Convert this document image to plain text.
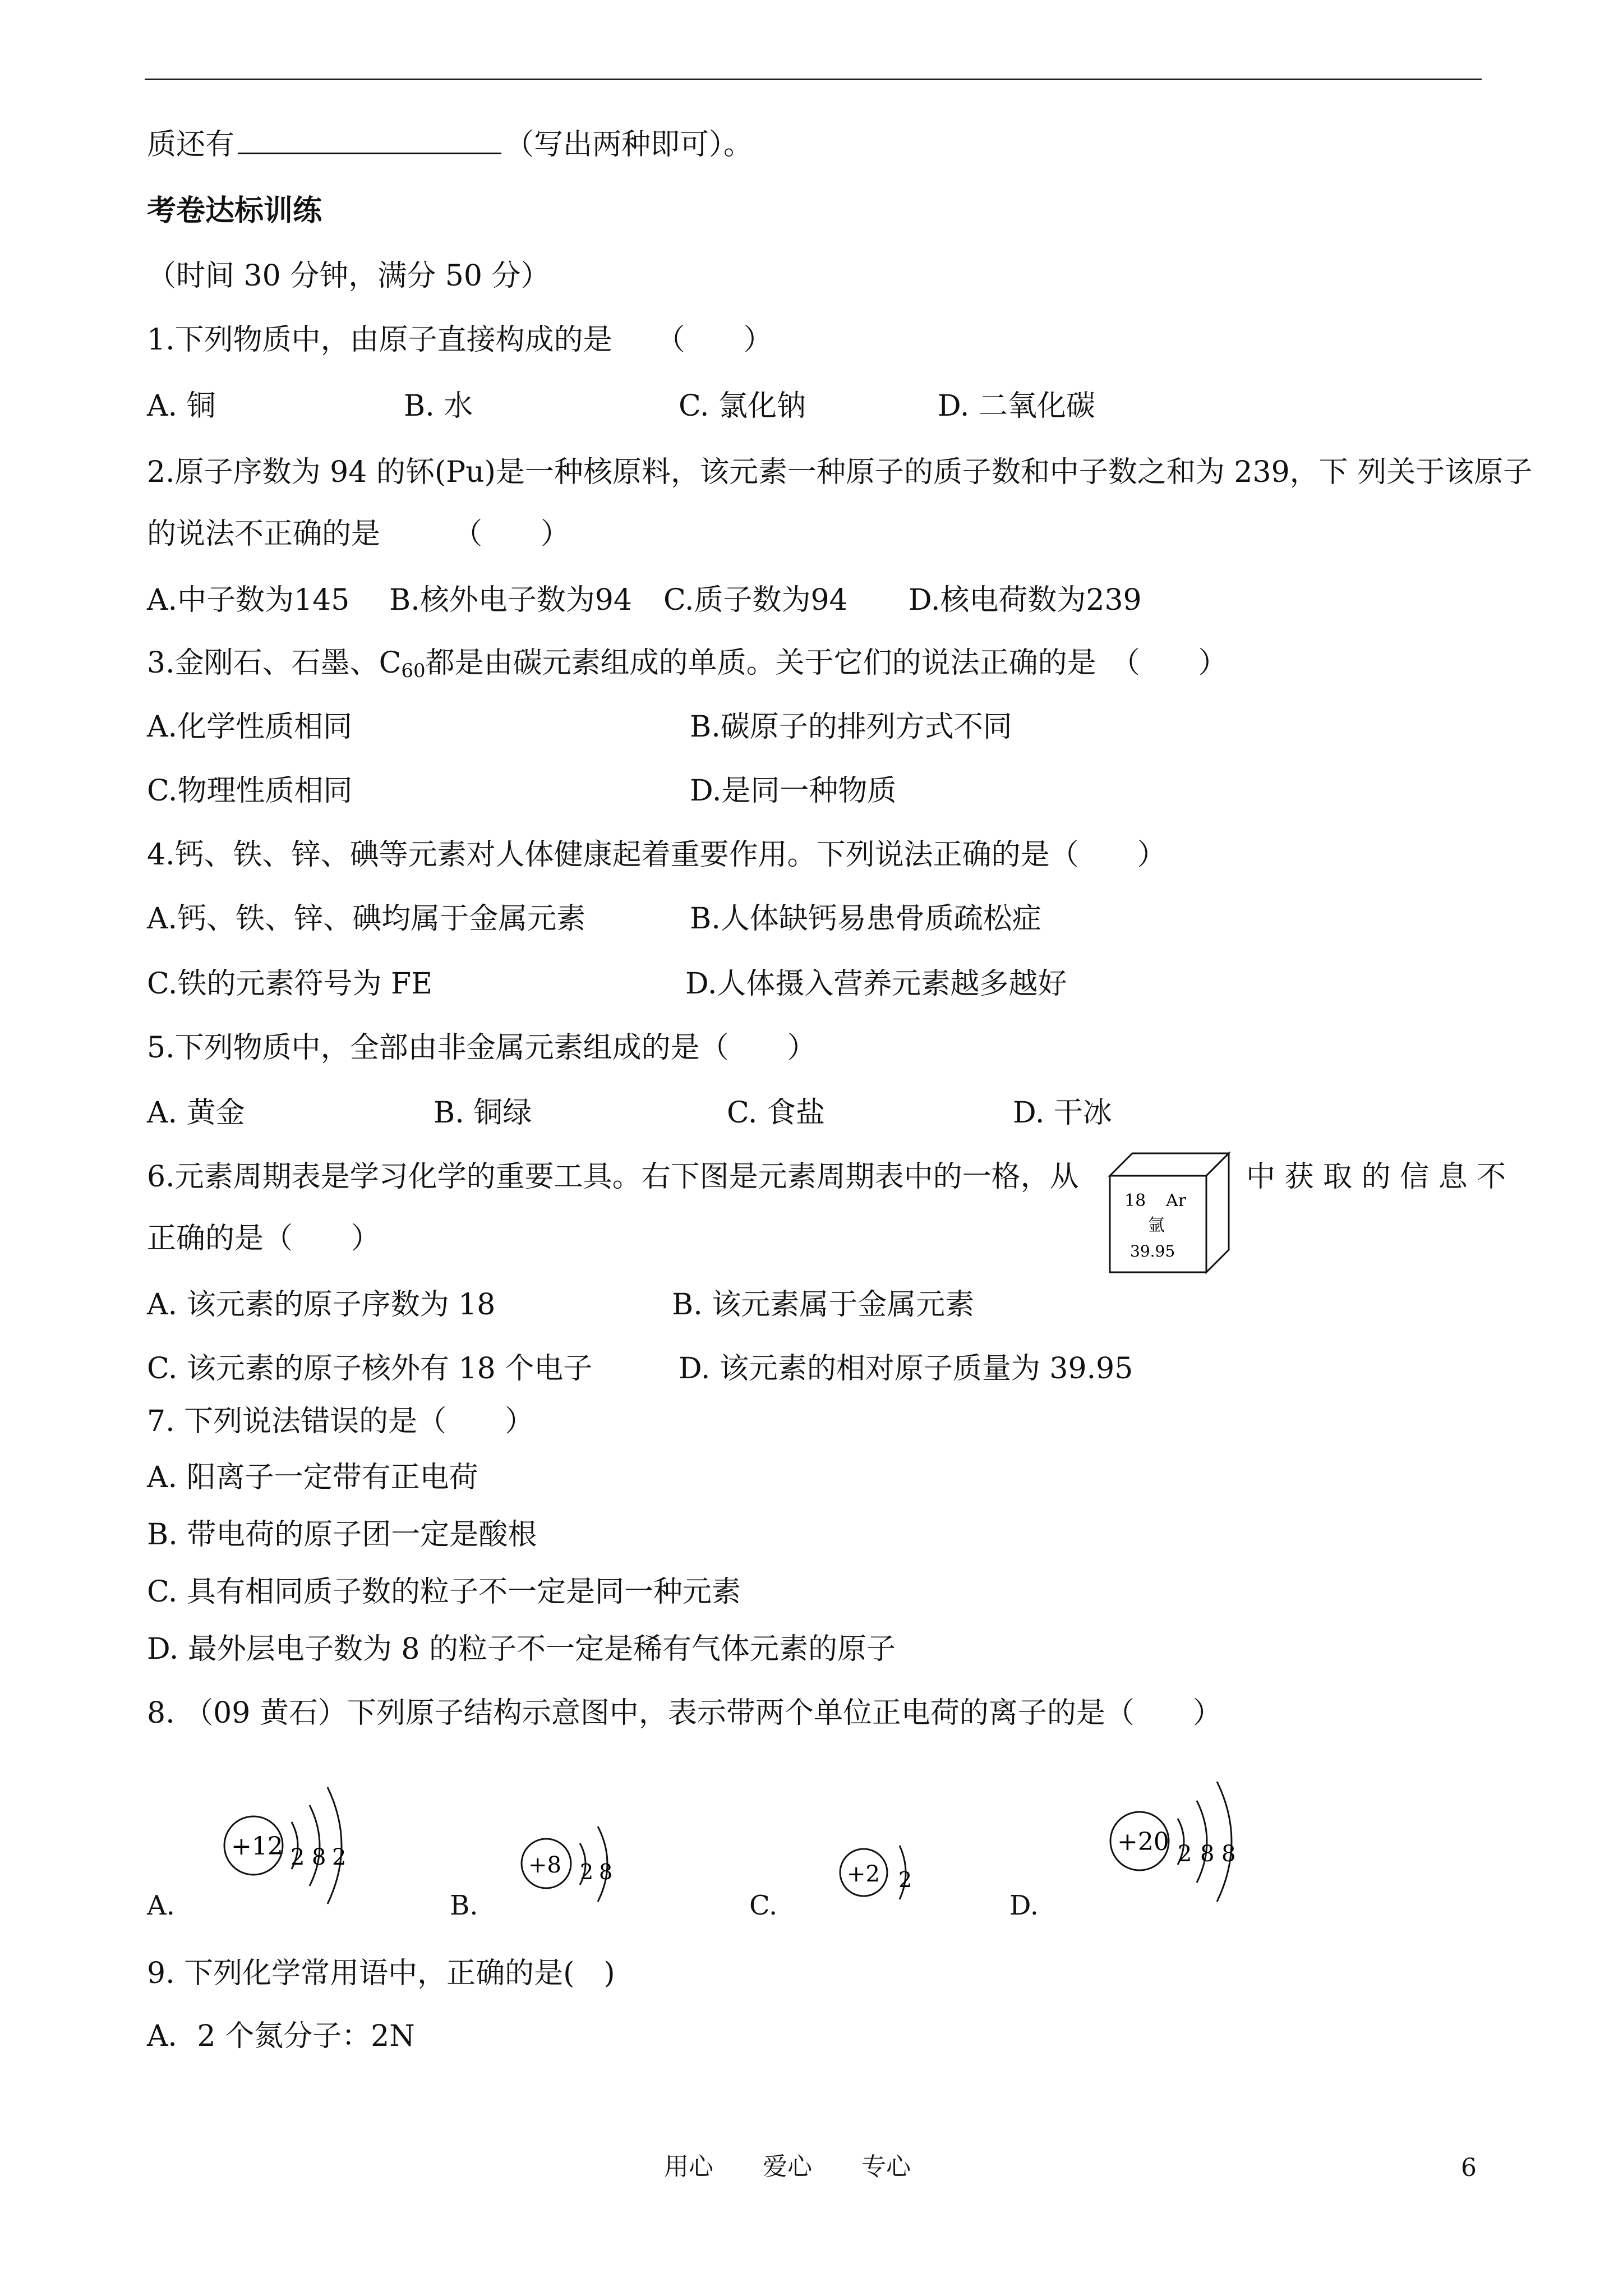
质还有	（写出两种即可）。
考卷达标训练
（时间 30 分钟，满分 50 分）
1.下列物质中，由原子直接构成的是　　（　　）
A. 铜	B. 水	C. 氯化钠	D. 二氧化碳
2.原子序数为 94 的钚(Pu)是一种核原料，该元素一种原子的质子数和中子数之和为 239，下 列关于该原子
的说法不正确的是　　　（　　）
A.中子数为145 B.核外电子数为94 C.质子数为94 D.核电荷数为239
3.金刚石、石墨、$C_{60}$都是由碳元素组成的单质。关于它们的说法正确的是　（　　）
A.化学性质相同	B.碳原子的排列方式不同
C.物理性质相同	D.是同一种物质
4.钙、铁、锌、碘等元素对人体健康起着重要作用。下列说法正确的是（　　）
A.钙、铁、锌、碘均属于金属元素	B.人体缺钙易患骨质疏松症
C.铁的元素符号为 FE	D.人体摄入营养元素越多越好
5.下列物质中，全部由非金属元素组成的是（　　）
A. 黄金	B. 铜绿	C. 食盐	D. 干冰
6.元素周期表是学习化学的重要工具。右下图是元素周期表中的一格，从	中 获 取 的 信 息 不
正确的是（　　）
18 Ar
氩
39.95
A. 该元素的原子序数为 18	B. 该元素属于金属元素
C. 该元素的原子核外有 18 个电子	D. 该元素的相对原子质量为 39.95
7. 下列说法错误的是（　　）
A. 阳离子一定带有正电荷
B. 带电荷的原子团一定是酸根
C. 具有相同质子数的粒子不一定是同一种元素
D. 最外层电子数为 8 的粒子不一定是稀有气体元素的原子
8. （09 黄石）下列原子结构示意图中，表示带两个单位正电荷的离子的是（　　）
A.
+12 2 8 2
B.
+8 2 8
C.
+2 2
D.
+20 2 8 8
9. 下列化学常用语中，正确的是(　)
A．2 个氮分子：2N
用心 爱心 专心	6
